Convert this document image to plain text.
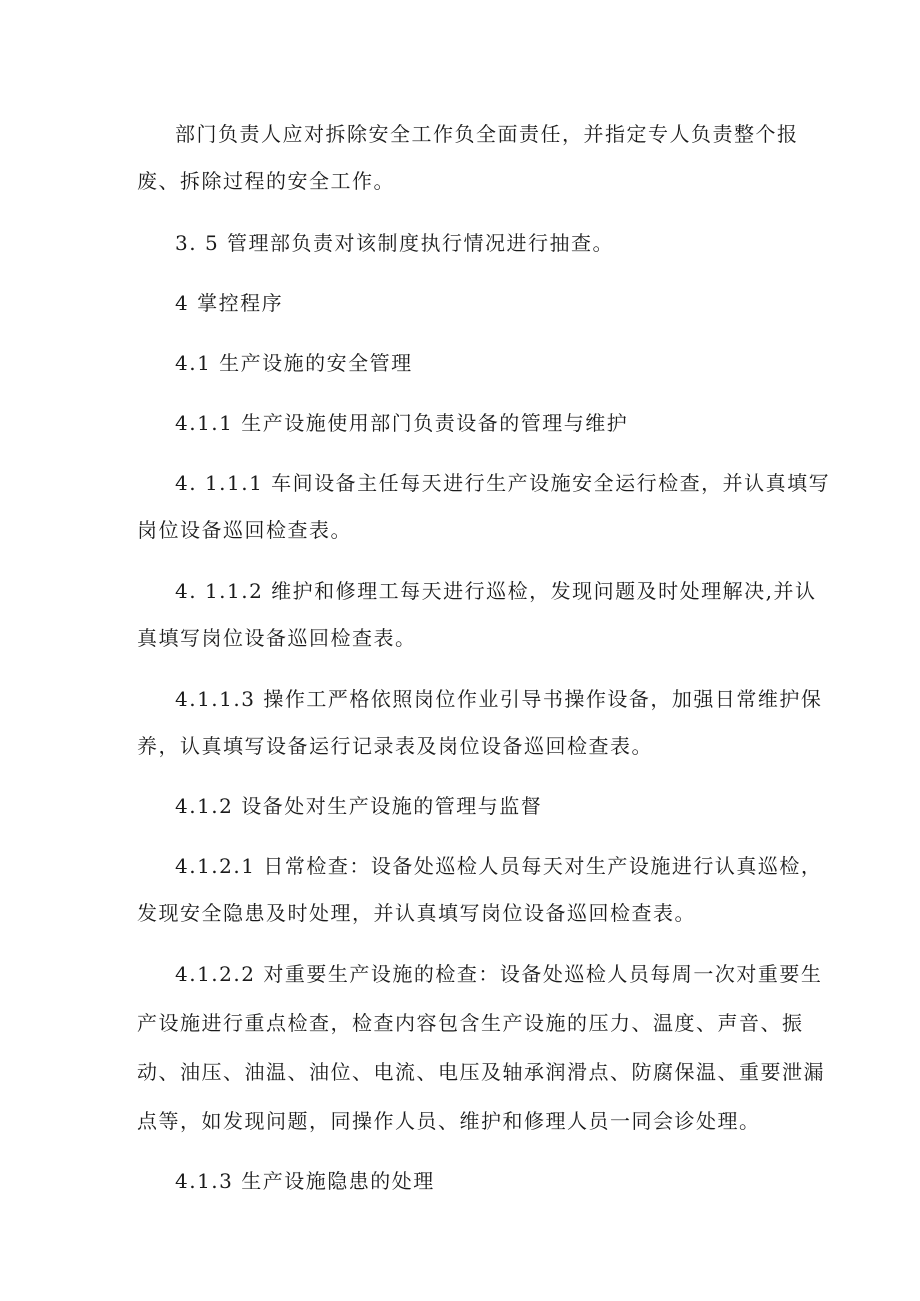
部门负责人应对拆除安全工作负全面责任，并指定专人负责整个报
废、拆除过程的安全工作。
3. 5 管理部负责对该制度执行情况进行抽查。
4 掌控程序
4.1 生产设施的安全管理
4.1.1 生产设施使用部门负责设备的管理与维护
4. 1.1.1 车间设备主任每天进行生产设施安全运行检查，并认真填写
岗位设备巡回检查表。
4. 1.1.2 维护和修理工每天进行巡检，发现问题及时处理解决,并认
真填写岗位设备巡回检查表。
4.1.1.3 操作工严格依照岗位作业引导书操作设备，加强日常维护保
养，认真填写设备运行记录表及岗位设备巡回检查表。
4.1.2 设备处对生产设施的管理与监督
4.1.2.1 日常检查：设备处巡检人员每天对生产设施进行认真巡检，
发现安全隐患及时处理，并认真填写岗位设备巡回检查表。
4.1.2.2 对重要生产设施的检查：设备处巡检人员每周一次对重要生
产设施进行重点检查，检查内容包含生产设施的压力、温度、声音、振
动、油压、油温、油位、电流、电压及轴承润滑点、防腐保温、重要泄漏
点等，如发现问题，同操作人员、维护和修理人员一同会诊处理。
4.1.3 生产设施隐患的处理
